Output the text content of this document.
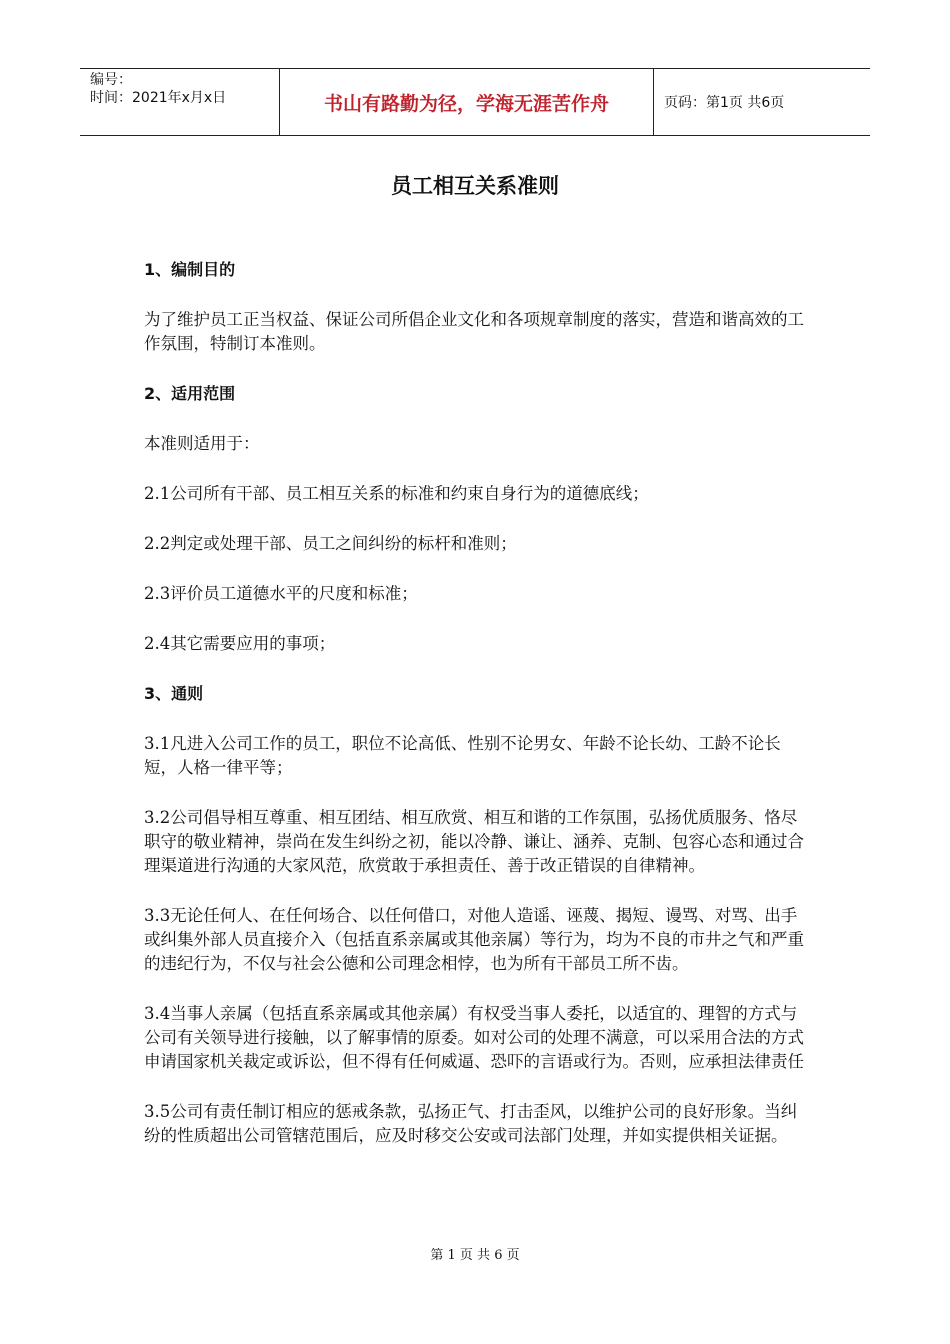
编号：
时间：2021年x月x日	书山有路勤为径，学海无涯苦作舟	页码：第1页 共6页
员工相互关系准则
1、编制目的
为了维护员工正当权益、保证公司所倡企业文化和各项规章制度的落实，营造和谐高效的工作氛围，特制订本准则。
2、适用范围
本准则适用于：
2.1公司所有干部、员工相互关系的标准和约束自身行为的道德底线；
2.2判定或处理干部、员工之间纠纷的标杆和准则；
2.3评价员工道德水平的尺度和标准；
2.4其它需要应用的事项；
3、通则
3.1凡进入公司工作的员工，职位不论高低、性别不论男女、年龄不论长幼、工龄不论长短，人格一律平等；
3.2公司倡导相互尊重、相互团结、相互欣赏、相互和谐的工作氛围，弘扬优质服务、恪尽职守的敬业精神，崇尚在发生纠纷之初，能以冷静、谦让、涵养、克制、包容心态和通过合理渠道进行沟通的大家风范，欣赏敢于承担责任、善于改正错误的自律精神。
3.3无论任何人、在任何场合、以任何借口，对他人造谣、诬蔑、揭短、谩骂、对骂、出手或纠集外部人员直接介入（包括直系亲属或其他亲属）等行为，均为不良的市井之气和严重的违纪行为，不仅与社会公德和公司理念相悖，也为所有干部员工所不齿。
3.4当事人亲属（包括直系亲属或其他亲属）有权受当事人委托，以适宜的、理智的方式与公司有关领导进行接触，以了解事情的原委。如对公司的处理不满意，可以采用合法的方式申请国家机关裁定或诉讼，但不得有任何威逼、恐吓的言语或行为。否则，应承担法律责任
3.5公司有责任制订相应的惩戒条款，弘扬正气、打击歪风，以维护公司的良好形象。当纠纷的性质超出公司管辖范围后，应及时移交公安或司法部门处理，并如实提供相关证据。
第 1 页 共 6 页
